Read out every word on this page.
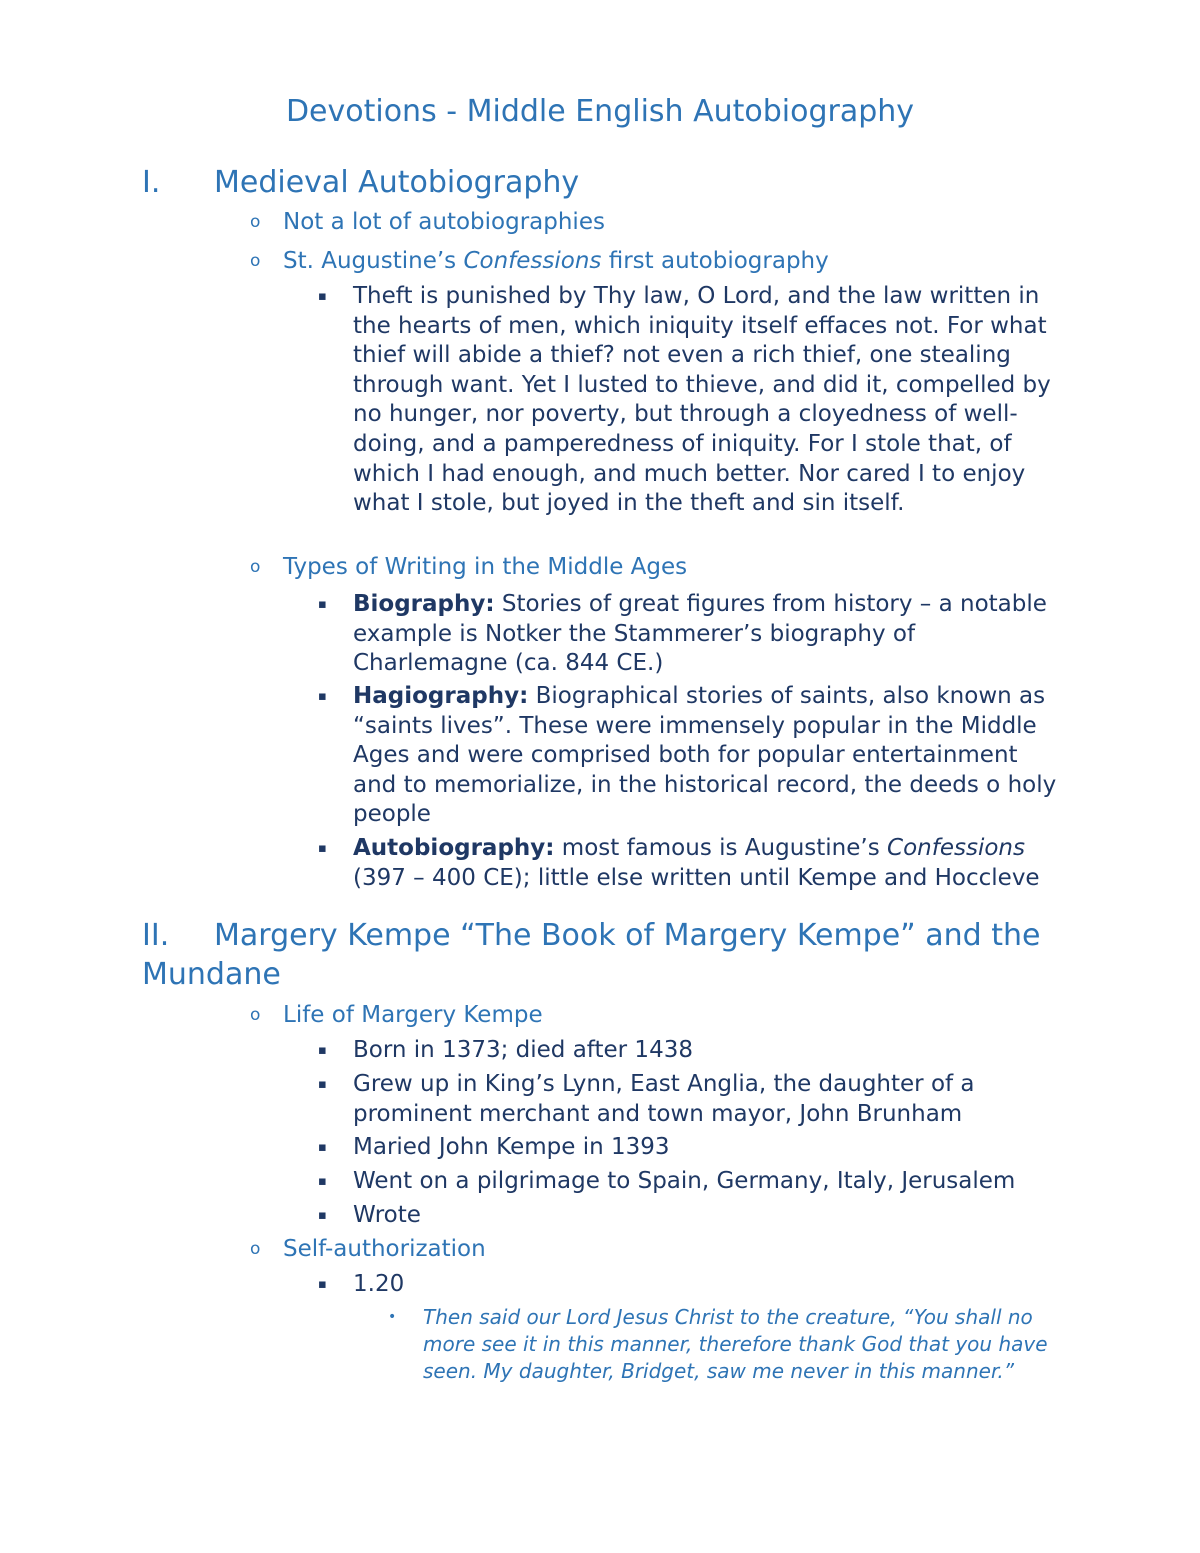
Devotions - Middle English Autobiography
I. Medieval Autobiography
o Not a lot of autobiographies
o St. Augustine’s Confessions first autobiography
▪ Theft is punished by Thy law, O Lord, and the law written in the hearts of men, which iniquity itself effaces not. For what thief will abide a thief? not even a rich thief, one stealing through want. Yet I lusted to thieve, and did it, compelled by no hunger, nor poverty, but through a cloyedness of well-doing, and a pamperedness of iniquity. For I stole that, of which I had enough, and much better. Nor cared I to enjoy what I stole, but joyed in the theft and sin itself.
o Types of Writing in the Middle Ages
▪ Biography: Stories of great figures from history – a notable example is Notker the Stammerer’s biography of Charlemagne (ca. 844 CE.)
▪ Hagiography: Biographical stories of saints, also known as “saints lives”. These were immensely popular in the Middle Ages and were comprised both for popular entertainment and to memorialize, in the historical record, the deeds o holy people
▪ Autobiography: most famous is Augustine’s Confessions (397 – 400 CE); little else written until Kempe and Hoccleve
II. Margery Kempe “The Book of Margery Kempe” and the Mundane
o Life of Margery Kempe
▪ Born in 1373; died after 1438
▪ Grew up in King’s Lynn, East Anglia, the daughter of a prominent merchant and town mayor, John Brunham
▪ Maried John Kempe in 1393
▪ Went on a pilgrimage to Spain, Germany, Italy, Jerusalem
▪ Wrote
o Self-authorization
▪ 1.20
• Then said our Lord Jesus Christ to the creature, “You shall no more see it in this manner, therefore thank God that you have seen. My daughter, Bridget, saw me never in this manner.”
